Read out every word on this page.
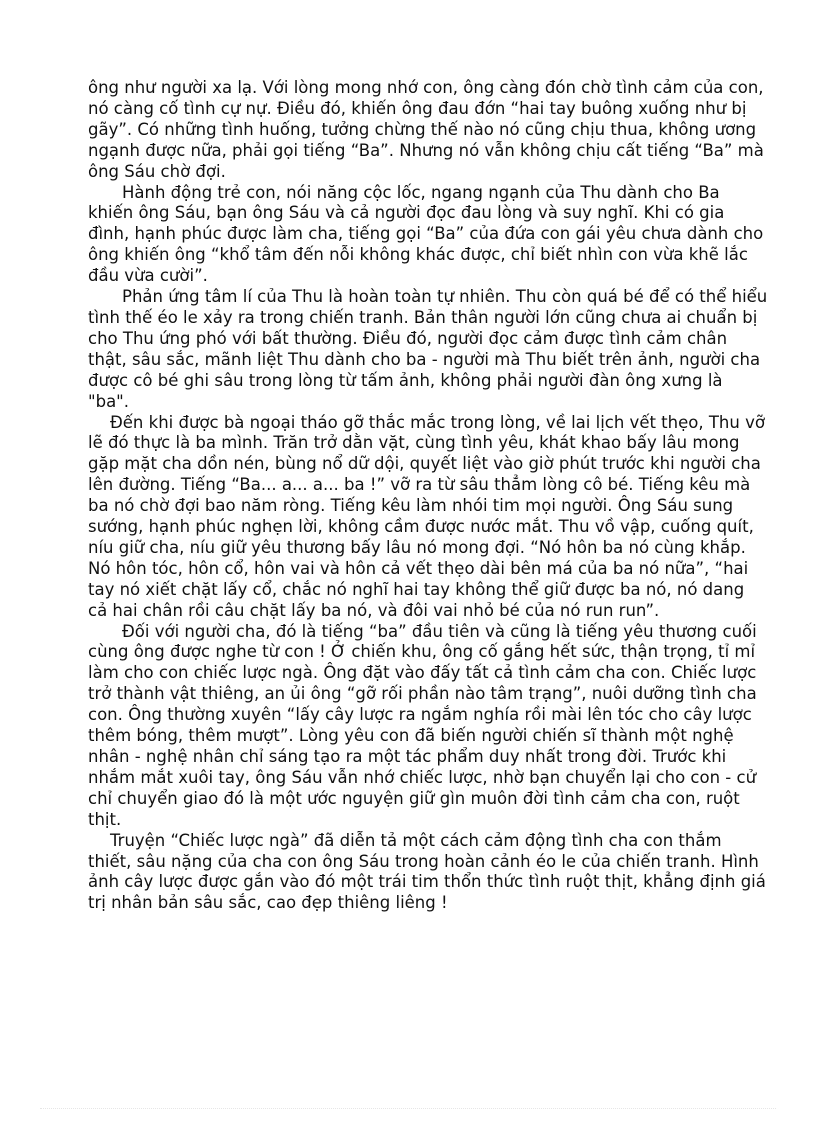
ông như người xa lạ. Với lòng mong nhớ con, ông càng đón chờ tình cảm của con, nó càng cố tình cự nự. Điều đó, khiến ông đau đớn “hai tay buông xuống như bị gãy”. Có những tình huống, tưởng chừng thế nào nó cũng chịu thua, không ương ngạnh được nữa, phải gọi tiếng “Ba”. Nhưng nó vẫn không chịu cất tiếng “Ba” mà ông Sáu chờ đợi.

Hành động trẻ con, nói năng cộc lốc, ngang ngạnh của Thu dành cho Ba khiến ông Sáu, bạn ông Sáu và cả người đọc đau lòng và suy nghĩ. Khi có gia đình, hạnh phúc được làm cha, tiếng gọi “Ba” của đứa con gái yêu chưa dành cho ông khiến ông “khổ tâm đến nỗi không khác được, chỉ biết nhìn con vừa khẽ lắc đầu vừa cười”.

Phản ứng tâm lí của Thu là hoàn toàn tự nhiên. Thu còn quá bé để có thể hiểu tình thế éo le xảy ra trong chiến tranh. Bản thân người lớn cũng chưa ai chuẩn bị cho Thu ứng phó với bất thường. Điều đó, người đọc cảm được tình cảm chân thật, sâu sắc, mãnh liệt Thu dành cho ba - người mà Thu biết trên ảnh, người cha được cô bé ghi sâu trong lòng từ tấm ảnh, không phải người đàn ông xưng là "ba".

Đến khi được bà ngoại tháo gỡ thắc mắc trong lòng, về lai lịch vết thẹo, Thu vỡ lẽ đó thực là ba mình. Trăn trở dằn vặt, cùng tình yêu, khát khao bấy lâu mong gặp mặt cha dồn nén, bùng nổ dữ dội, quyết liệt vào giờ phút trước khi người cha lên đường. Tiếng “Ba... a... a... ba !” vỡ ra từ sâu thẳm lòng cô bé. Tiếng kêu mà ba nó chờ đợi bao năm ròng. Tiếng kêu làm nhói tim mọi người. Ông Sáu sung sướng, hạnh phúc nghẹn lời, không cầm được nước mắt. Thu vồ vập, cuống quít, níu giữ cha, níu giữ yêu thương bấy lâu nó mong đợi. “Nó hôn ba nó cùng khắp. Nó hôn tóc, hôn cổ, hôn vai và hôn cả vết thẹo dài bên má của ba nó nữa”, “hai tay nó xiết chặt lấy cổ, chắc nó nghĩ hai tay không thể giữ được ba nó, nó dang cả hai chân rồi câu chặt lấy ba nó, và đôi vai nhỏ bé của nó run run”.

Đối với người cha, đó là tiếng “ba” đầu tiên và cũng là tiếng yêu thương cuối cùng ông được nghe từ con ! Ở chiến khu, ông cố gắng hết sức, thận trọng, tỉ mỉ làm cho con chiếc lược ngà. Ông đặt vào đấy tất cả tình cảm cha con. Chiếc lược trở thành vật thiêng, an ủi ông “gỡ rối phần nào tâm trạng”, nuôi dưỡng tình cha con. Ông thường xuyên “lấy cây lược ra ngắm nghía rồi mài lên tóc cho cây lược thêm bóng, thêm mượt”. Lòng yêu con đã biến người chiến sĩ thành một nghệ nhân - nghệ nhân chỉ sáng tạo ra một tác phẩm duy nhất trong đời. Trước khi nhắm mắt xuôi tay, ông Sáu vẫn nhớ chiếc lược, nhờ bạn chuyển lại cho con - cử chỉ chuyển giao đó là một ước nguyện giữ gìn muôn đời tình cảm cha con, ruột thịt.

Truyện “Chiếc lược ngà” đã diễn tả một cách cảm động tình cha con thắm thiết, sâu nặng của cha con ông Sáu trong hoàn cảnh éo le của chiến tranh. Hình ảnh cây lược được gắn vào đó một trái tim thổn thức tình ruột thịt, khẳng định giá trị nhân bản sâu sắc, cao đẹp thiêng liêng !
